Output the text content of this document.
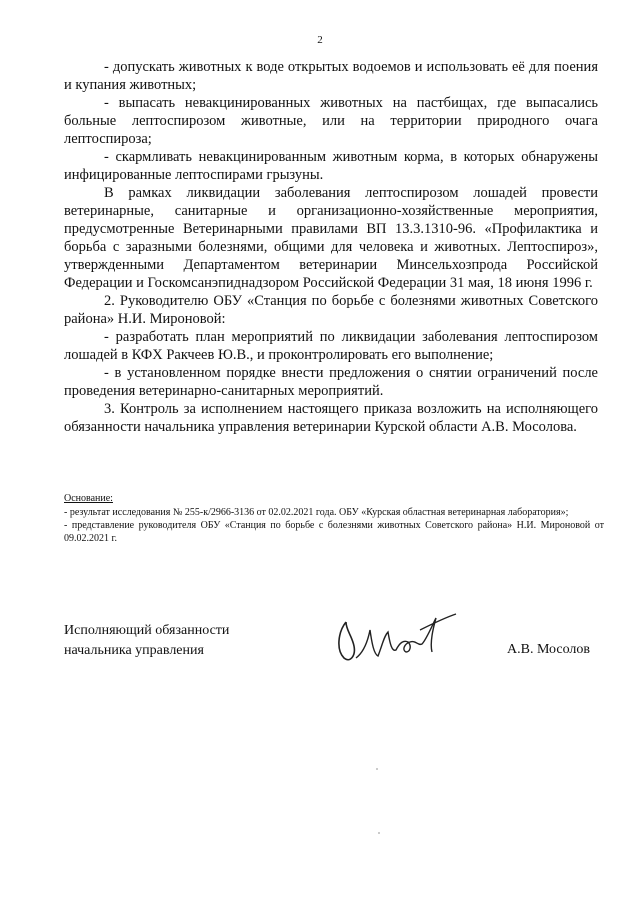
2

- допускать животных к воде открытых водоемов и использовать её для поения и купания животных;

- выпасать невакцинированных животных на пастбищах, где выпасались больные лептоспирозом животные, или на территории природного очага лептоспироза;

- скармливать невакцинированным животным корма, в которых обнаружены инфицированные лептоспирами грызуны.

В рамках ликвидации заболевания лептоспирозом лошадей провести ветеринарные, санитарные и организационно-хозяйственные мероприятия, предусмотренные Ветеринарными правилами ВП 13.3.1310-96. «Профилактика и борьба с заразными болезнями, общими для человека и животных. Лептоспироз», утвержденными Департаментом ветеринарии Минсельхозпрода Российской Федерации и Госкомсанэпиднадзором Российской Федерации 31 мая, 18 июня 1996 г.

2. Руководителю ОБУ «Станция по борьбе с болезнями животных Советского района» Н.И. Мироновой:

- разработать план мероприятий по ликвидации заболевания лептоспирозом лошадей в КФХ Ракчеев Ю.В., и проконтролировать его выполнение;

- в установленном порядке внести предложения о снятии ограничений после проведения ветеринарно-санитарных мероприятий.

3. Контроль за исполнением настоящего приказа возложить на исполняющего обязанности начальника управления ветеринарии Курской области А.В. Мосолова.

Основание:

- результат исследования № 255-к/2966-3136 от 02.02.2021 года. ОБУ «Курская областная ветеринарная лаборатория»;

- представление руководителя ОБУ «Станция по борьбе с болезнями животных Советского района» Н.И. Мироновой от 09.02.2021 г.

Исполняющий обязанности
начальника управления	А.В. Мосолов
